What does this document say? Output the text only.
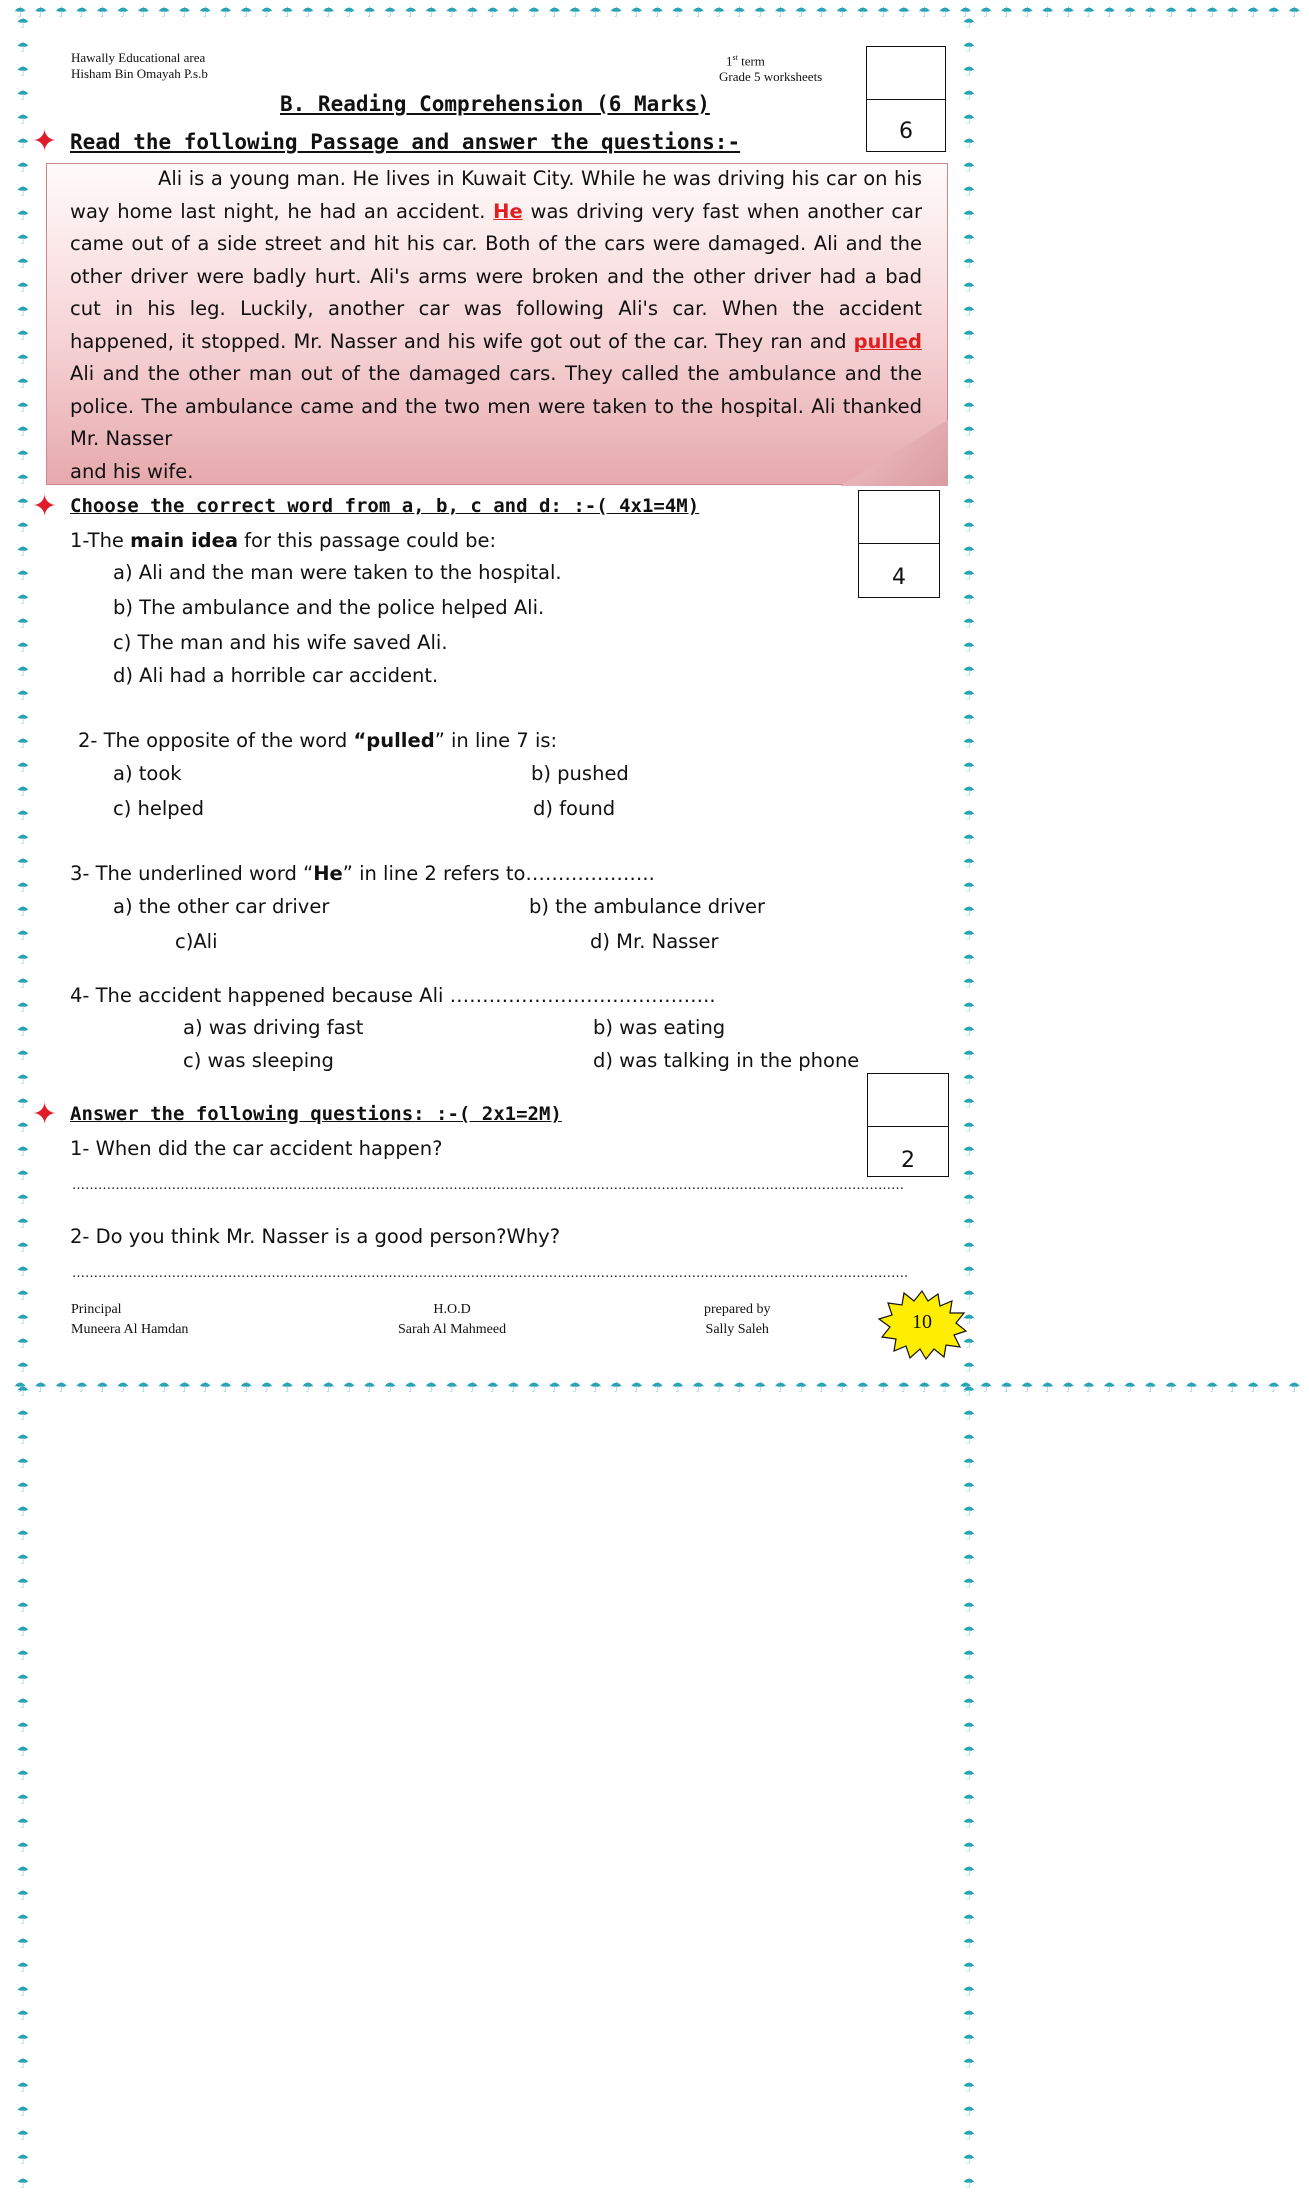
☂☂☂☂☂☂☂☂☂☂☂☂☂☂☂☂☂☂☂☂☂☂☂☂☂☂☂☂☂☂☂☂☂☂☂☂☂☂☂☂☂☂☂☂☂☂☂☂☂☂☂☂☂☂☂☂☂☂☂☂☂☂☂
☂☂☂☂☂☂☂☂☂☂☂☂☂☂☂☂☂☂☂☂☂☂☂☂☂☂☂☂☂☂☂☂☂☂☂☂☂☂☂☂☂☂☂☂☂☂☂☂☂☂☂☂☂☂☂☂☂☂☂☂☂☂☂
☂☂☂☂☂☂☂☂☂☂☂☂☂☂☂☂☂☂☂☂☂☂☂☂☂☂☂☂☂☂☂☂☂☂☂☂☂☂☂☂☂☂☂☂☂☂☂☂☂☂☂☂☂☂☂☂☂☂☂☂☂☂☂☂☂☂☂☂☂☂☂☂☂☂☂☂☂☂☂☂☂☂☂☂☂☂☂☂☂☂☂	☂☂☂☂☂☂☂☂☂☂☂☂☂☂☂☂☂☂☂☂☂☂☂☂☂☂☂☂☂☂☂☂☂☂☂☂☂☂☂☂☂☂☂☂☂☂☂☂☂☂☂☂☂☂☂☂☂☂☂☂☂☂☂☂☂☂☂☂☂☂☂☂☂☂☂☂☂☂☂☂☂☂☂☂☂☂☂☂☂☂☂
Hawally Educational area
Hisham Bin Omayah P.s.b
1st term
Grade 5 worksheets
6
B. Reading Comprehension (6 Marks)
✦ Read the following Passage and answer the questions:-
Ali is a young man. He lives in Kuwait City. While he was driving his car on his way home last night, he had an accident. He was driving very fast when another car came out of a side street and hit his car. Both of the cars were damaged. Ali and the other driver were badly hurt. Ali's arms were broken and the other driver had a bad cut in his leg. Luckily, another car was following Ali's car. When the accident happened, it stopped. Mr. Nasser and his wife got out of the car. They ran and pulled Ali and the other man out of the damaged cars. They called the ambulance and the police. The ambulance came and the two men were taken to the hospital. Ali thanked Mr. Nasser
and his wife.
✦ Choose the correct word from a, b, c and d: :-( 4x1=4M)
4
1-The main idea for this passage could be:
a) Ali and the man were taken to the hospital.
b) The ambulance and the police helped Ali.
c) The man and his wife saved Ali.
d) Ali had a horrible car accident.
2- The opposite of the word “pulled” in line 7 is:
a) took	b) pushed
c) helped	d) found
3- The underlined word “He” in line 2 refers to………………..
a) the other car driver	b) the ambulance driver
c)Ali	d) Mr. Nasser
4- The accident happened because Ali …………………………………..
a) was driving fast	b) was eating
c) was sleeping	d) was talking in the phone
2
✦ Answer the following questions: :-( 2x1=2M)
1- When did the car accident happen?
…………………………………………………………………………………………………………………………………………………………………………
2- Do you think Mr. Nasser is a good person?Why?
………………………………………………………………………………………………………………………………………………………………………….
Principal
Muneera Al Hamdan
H.O.D
Sarah Al Mahmeed
prepared by
Sally Saleh	10
